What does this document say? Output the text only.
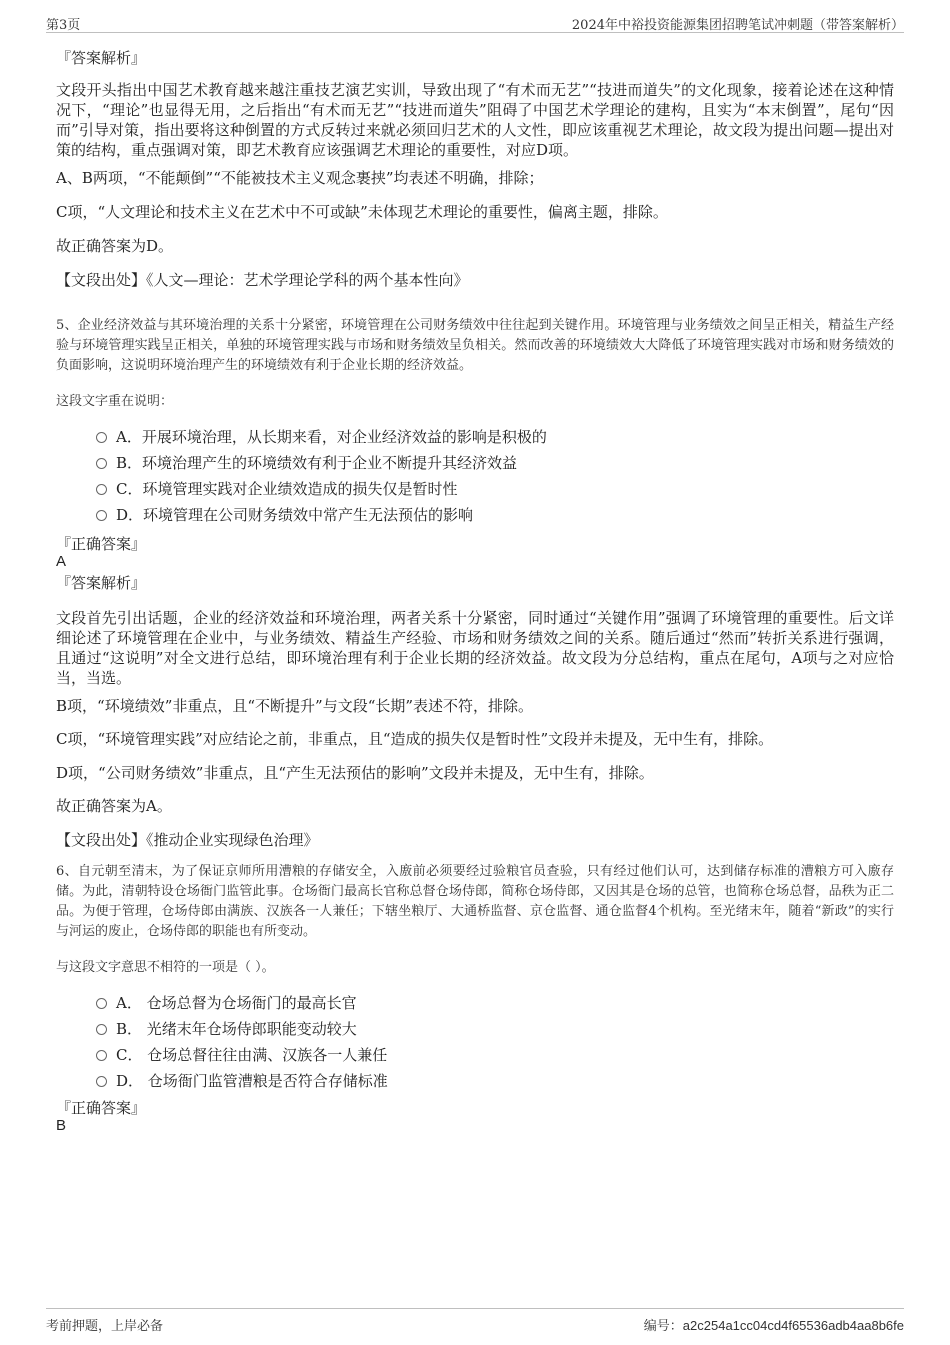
第3页	2024年中裕投资能源集团招聘笔试冲刺题（带答案解析）
『答案解析』
文段开头指出中国艺术教育越来越注重技艺演艺实训，导致出现了“有术而无艺”“技进而道失”的文化现象，接着论述在这种情况下，“理论”也显得无用，之后指出“有术而无艺”“技进而道失”阻碍了中国艺术学理论的建构，且实为“本末倒置”，尾句“因而”引导对策，指出要将这种倒置的方式反转过来就必须回归艺术的人文性，即应该重视艺术理论，故文段为提出问题—提出对策的结构，重点强调对策，即艺术教育应该强调艺术理论的重要性，对应D项。
A、B两项，“不能颠倒”“不能被技术主义观念裹挟”均表述不明确，排除；
C项，“人文理论和技术主义在艺术中不可或缺”未体现艺术理论的重要性，偏离主题，排除。
故正确答案为D。
【文段出处】《人文—理论：艺术学理论学科的两个基本性向》
5、企业经济效益与其环境治理的关系十分紧密，环境管理在公司财务绩效中往往起到关键作用。环境管理与业务绩效之间呈正相关，精益生产经验与环境管理实践呈正相关，单独的环境管理实践与市场和财务绩效呈负相关。然而改善的环境绩效大大降低了环境管理实践对市场和财务绩效的负面影响，这说明环境治理产生的环境绩效有利于企业长期的经济效益。
这段文字重在说明：
A．开展环境治理，从长期来看，对企业经济效益的影响是积极的
B．环境治理产生的环境绩效有利于企业不断提升其经济效益
C．环境管理实践对企业绩效造成的损失仅是暂时性
D．环境管理在公司财务绩效中常产生无法预估的影响
『正确答案』
A
『答案解析』
文段首先引出话题，企业的经济效益和环境治理，两者关系十分紧密，同时通过“关键作用”强调了环境管理的重要性。后文详细论述了环境管理在企业中，与业务绩效、精益生产经验、市场和财务绩效之间的关系。随后通过“然而”转折关系进行强调，且通过“这说明”对全文进行总结，即环境治理有利于企业长期的经济效益。故文段为分总结构，重点在尾句，A项与之对应恰当，当选。
B项，“环境绩效”非重点，且“不断提升”与文段“长期”表述不符，排除。
C项，“环境管理实践”对应结论之前，非重点，且“造成的损失仅是暂时性”文段并未提及，无中生有，排除。
D项，“公司财务绩效”非重点，且“产生无法预估的影响”文段并未提及，无中生有，排除。
故正确答案为A。
【文段出处】《推动企业实现绿色治理》
6、自元朝至清末，为了保证京师所用漕粮的存储安全，入廒前必须要经过验粮官员查验，只有经过他们认可，达到储存标准的漕粮方可入廒存储。为此，清朝特设仓场衙门监管此事。仓场衙门最高长官称总督仓场侍郎，简称仓场侍郎，又因其是仓场的总管，也简称仓场总督，品秩为正二品。为便于管理，仓场侍郎由满族、汉族各一人兼任；下辖坐粮厅、大通桥监督、京仓监督、通仓监督4个机构。至光绪末年，随着“新政”的实行与河运的废止，仓场侍郎的职能也有所变动。
与这段文字意思不相符的一项是（ ）。
A． 仓场总督为仓场衙门的最高长官
B． 光绪末年仓场侍郎职能变动较大
C． 仓场总督往往由满、汉族各一人兼任
D． 仓场衙门监管漕粮是否符合存储标准
『正确答案』
B
考前押题，上岸必备	编号：a2c254a1cc04cd4f65536adb4aa8b6fe
